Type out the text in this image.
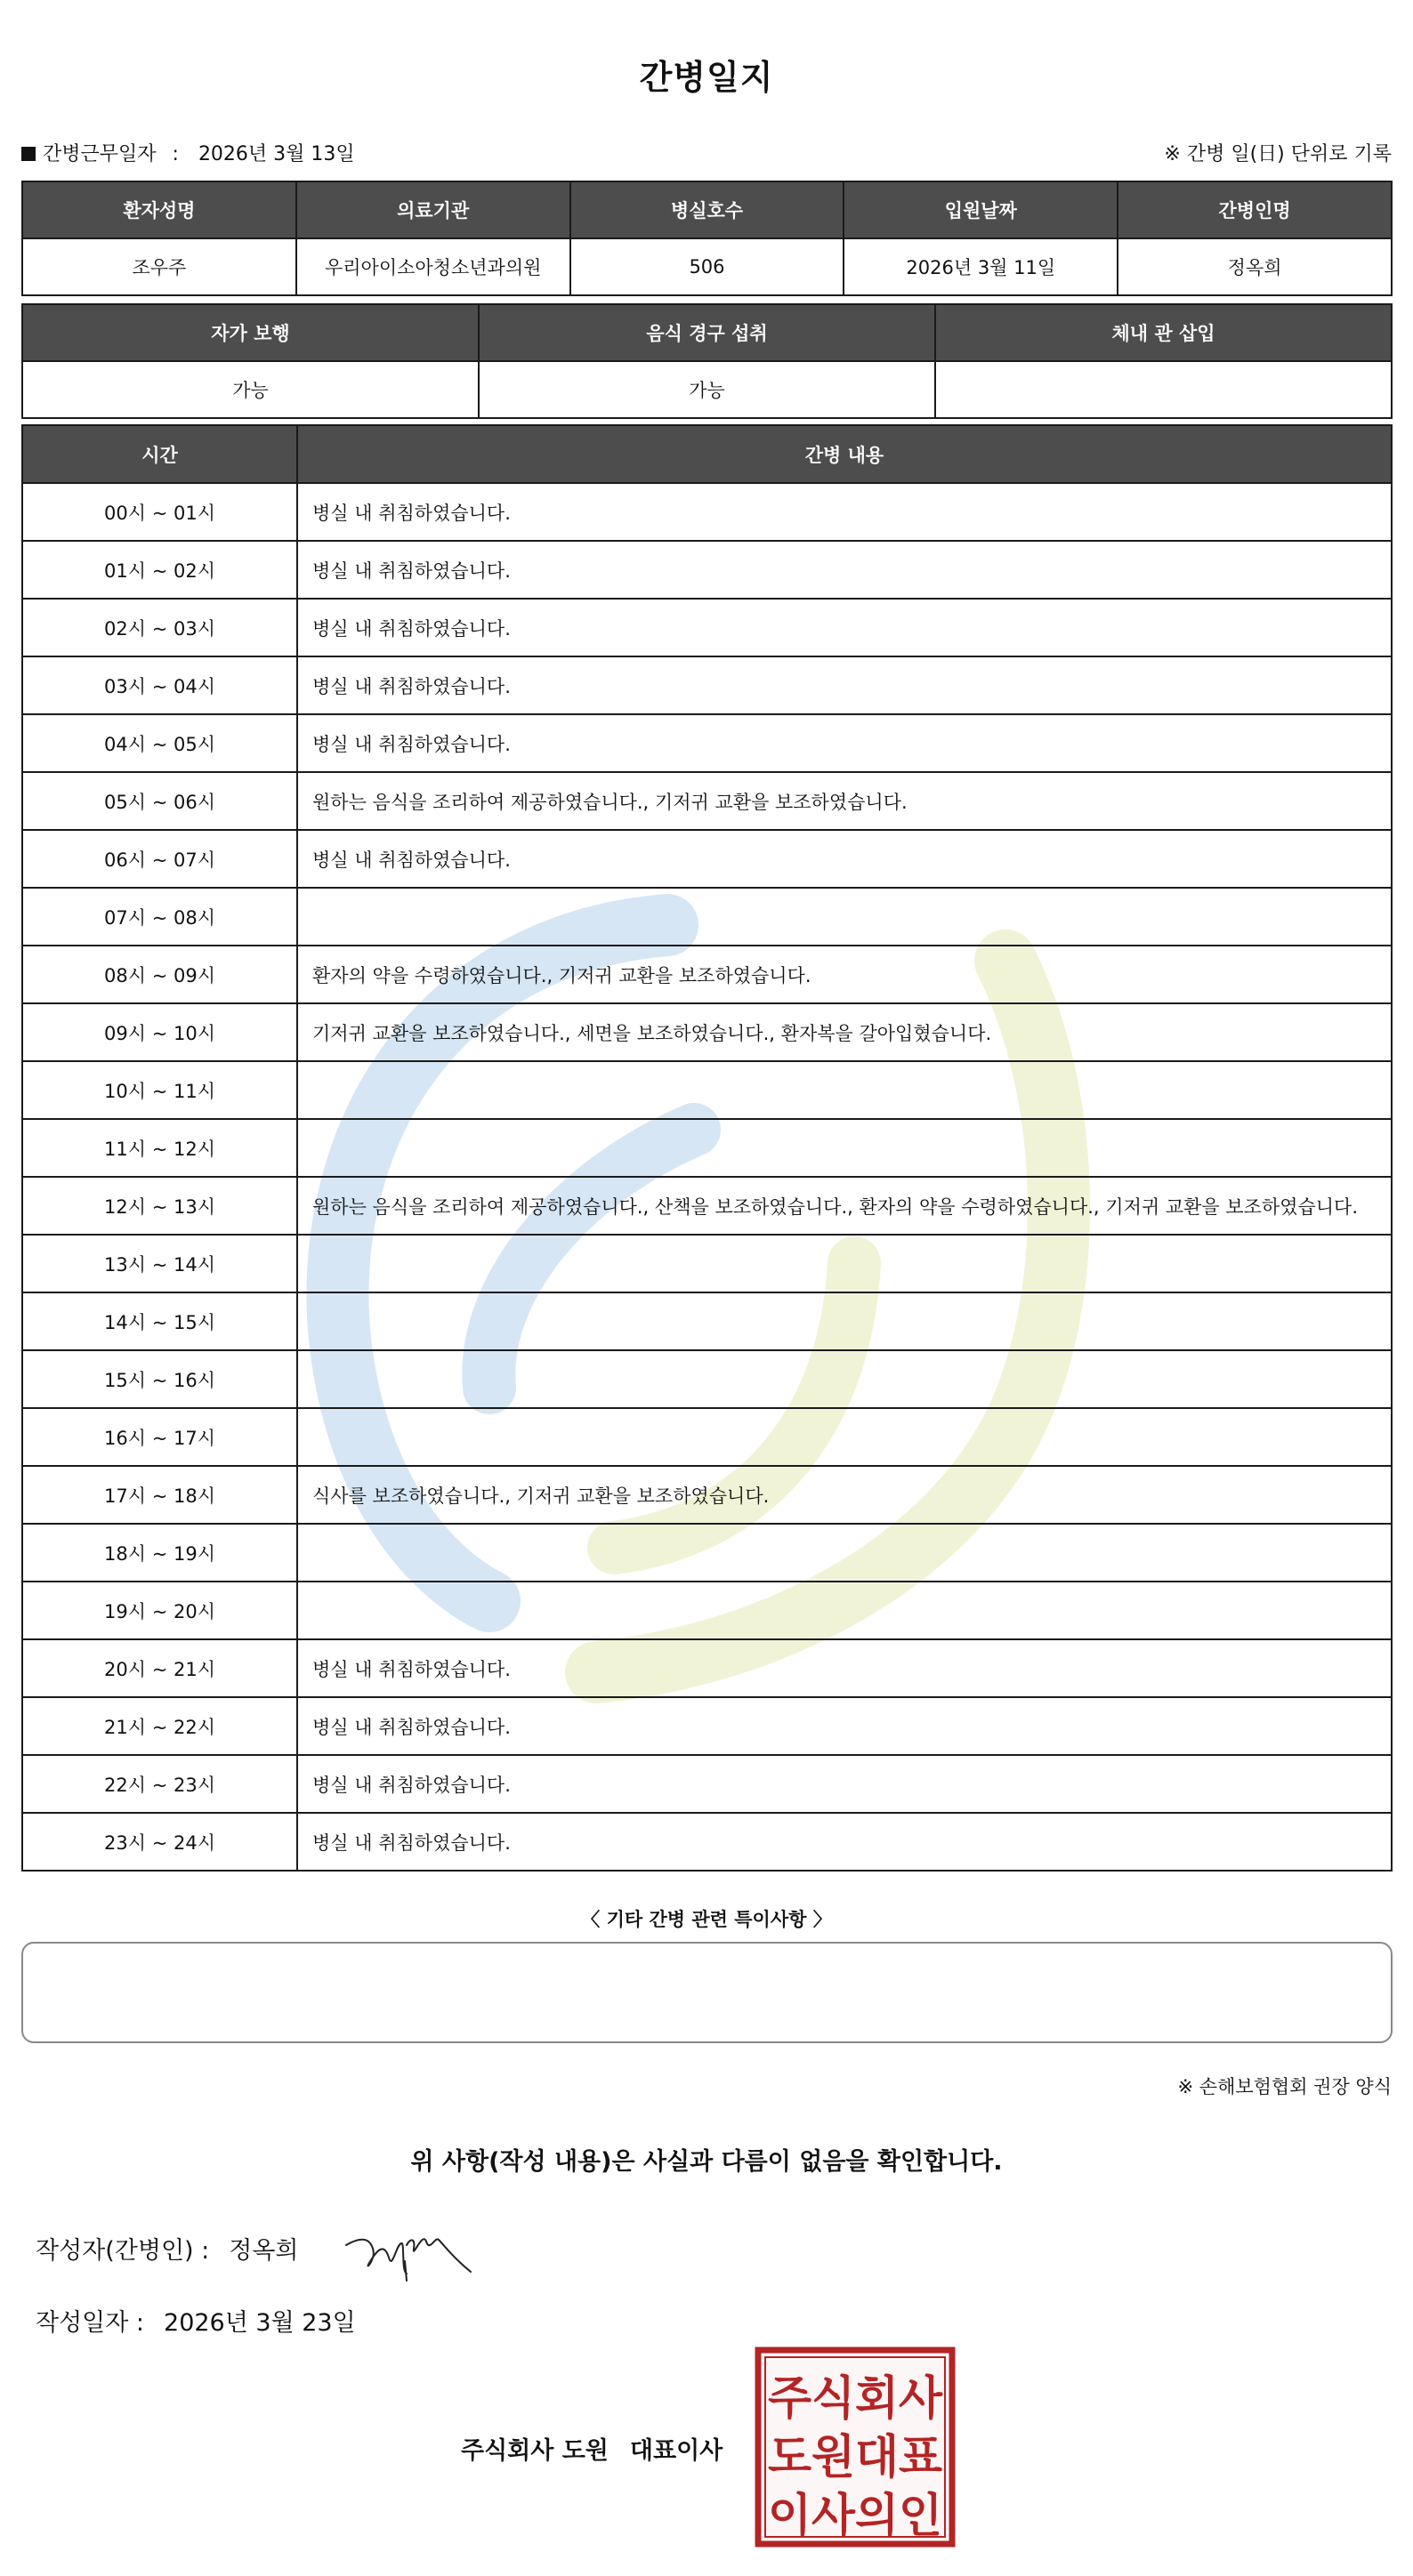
간병일지
간병근무일자 : 2026년 3월 13일	※ 간병 일(日) 단위로 기록
환자성명	의료기관	병실호수	입원날짜	간병인명
조우주	우리아이소아청소년과의원	506	2026년 3월 11일	정옥희
자가 보행	음식 경구 섭취	체내 관 삽입
가능	가능	
시간	간병 내용
00시 ~ 01시	병실 내 취침하였습니다.
01시 ~ 02시	병실 내 취침하였습니다.
02시 ~ 03시	병실 내 취침하였습니다.
03시 ~ 04시	병실 내 취침하였습니다.
04시 ~ 05시	병실 내 취침하였습니다.
05시 ~ 06시	원하는 음식을 조리하여 제공하였습니다., 기저귀 교환을 보조하였습니다.
06시 ~ 07시	병실 내 취침하였습니다.
07시 ~ 08시	
08시 ~ 09시	환자의 약을 수령하였습니다., 기저귀 교환을 보조하였습니다.
09시 ~ 10시	기저귀 교환을 보조하였습니다., 세면을 보조하였습니다., 환자복을 갈아입혔습니다.
10시 ~ 11시	
11시 ~ 12시	
12시 ~ 13시	원하는 음식을 조리하여 제공하였습니다., 산책을 보조하였습니다., 환자의 약을 수령하였습니다., 기저귀 교환을 보조하였습니다.
13시 ~ 14시	
14시 ~ 15시	
15시 ~ 16시	
16시 ~ 17시	
17시 ~ 18시	식사를 보조하였습니다., 기저귀 교환을 보조하였습니다.
18시 ~ 19시	
19시 ~ 20시	
20시 ~ 21시	병실 내 취침하였습니다.
21시 ~ 22시	병실 내 취침하였습니다.
22시 ~ 23시	병실 내 취침하였습니다.
23시 ~ 24시	병실 내 취침하였습니다.
〈 기타 간병 관련 특이사항 〉
※ 손해보험협회 권장 양식
위 사항(작성 내용)은 사실과 다름이 없음을 확인합니다.
작성자(간병인) : 정옥희
작성일자 : 2026년 3월 23일
주식회사 도원 대표이사
주식회사
도원대표
이사의인
